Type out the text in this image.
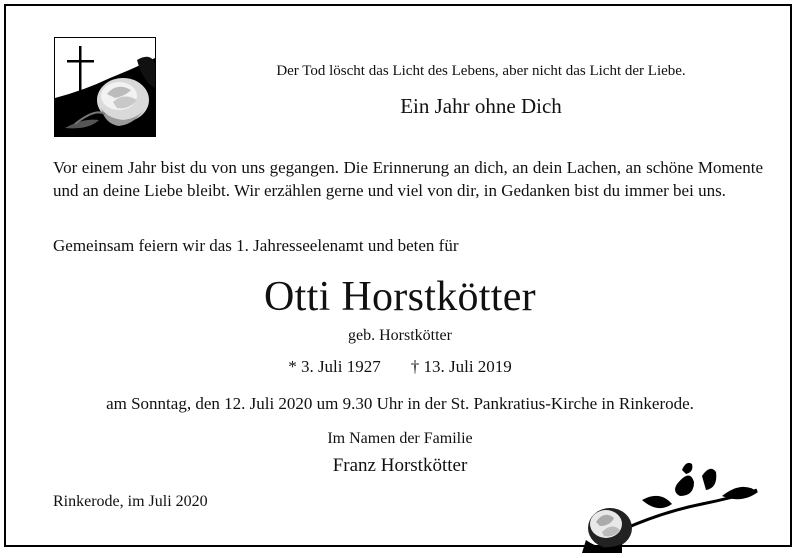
Der Tod löscht das Licht des Lebens, aber nicht das Licht der Liebe.

Ein Jahr ohne Dich

Vor einem Jahr bist du von uns gegangen. Die Erinnerung an dich, an dein Lachen, an schöne Momente und an deine Liebe bleibt. Wir erzählen gerne und viel von dir, in Gedanken bist du immer bei uns.

Gemeinsam feiern wir das 1. Jahresseelenamt und beten für

Otti Horstkötter

geb. Horstkötter

* 3. Juli 1927 † 13. Juli 2019

am Sonntag, den 12. Juli 2020 um 9.30 Uhr in der St. Pankratius-Kirche in Rinkerode.

Im Namen der Familie

Franz Horstkötter

Rinkerode, im Juli 2020
